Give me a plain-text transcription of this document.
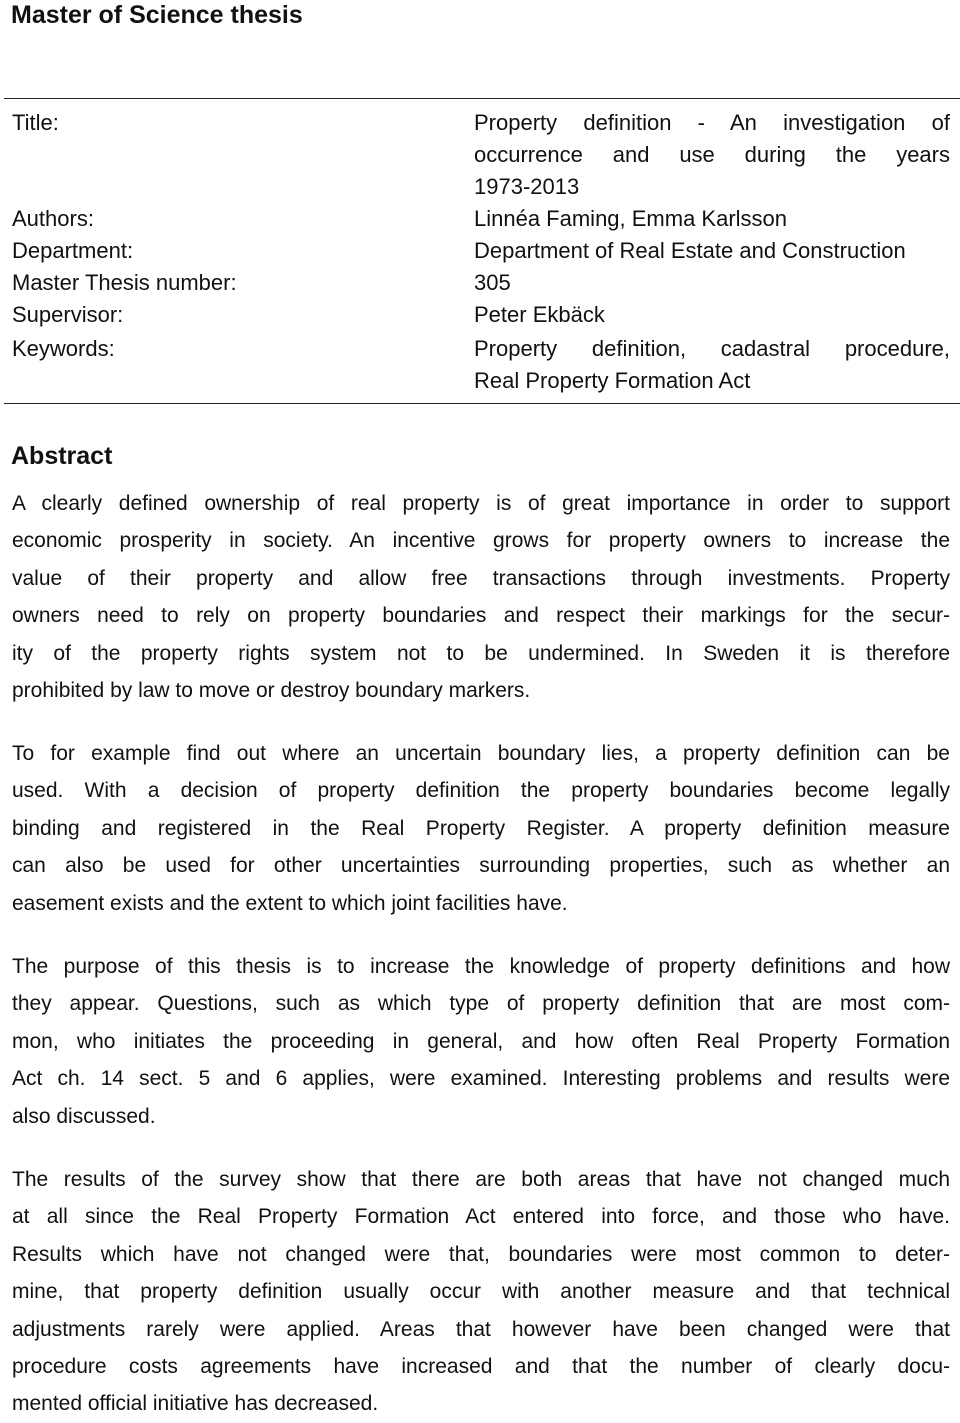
Master of Science thesis
Title:	Property definition - An investigation of
occurrence and use during the years
1973-2013
Authors:	Linnéa Faming, Emma Karlsson
Department:	Department of Real Estate and Construction
Master Thesis number:	305
Supervisor:	Peter Ekbäck
Keywords:	Property definition, cadastral procedure,
Real Property Formation Act
Abstract

A clearly defined ownership of real property is of great importance in order to support
economic prosperity in society. An incentive grows for property owners to increase the
value of their property and allow free transactions through investments. Property
owners need to rely on property boundaries and respect their markings for the secur-
ity of the property rights system not to be undermined. In Sweden it is therefore
prohibited by law to move or destroy boundary markers.

To for example find out where an uncertain boundary lies, a property definition can be
used. With a decision of property definition the property boundaries become legally
binding and registered in the Real Property Register. A property definition measure
can also be used for other uncertainties surrounding properties, such as whether an
easement exists and the extent to which joint facilities have.

The purpose of this thesis is to increase the knowledge of property definitions and how
they appear. Questions, such as which type of property definition that are most com-
mon, who initiates the proceeding in general, and how often Real Property Formation
Act ch. 14 sect. 5 and 6 applies, were examined. Interesting problems and results were
also discussed.

The results of the survey show that there are both areas that have not changed much
at all since the Real Property Formation Act entered into force, and those who have.
Results which have not changed were that, boundaries were most common to deter-
mine, that property definition usually occur with another measure and that technical
adjustments rarely were applied. Areas that however have been changed were that
procedure costs agreements have increased and that the number of clearly docu-
mented official initiative has decreased.
